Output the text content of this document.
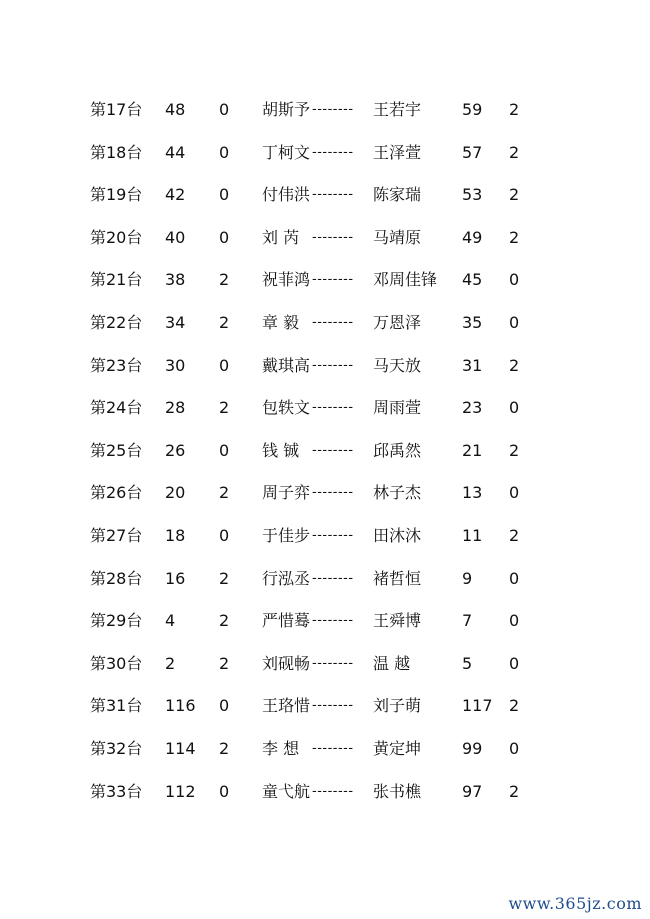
第17台 48 0 胡斯予 -------- 王若宇	59 2
第18台 44 0 丁柯文 -------- 王泽萱	57 2
第19台 42 0 付伟洪 -------- 陈家瑞	53 2
第20台 40 0 刘 芮 -------- 马靖原	49 2
第21台 38 2 祝菲鸿 -------- 邓周佳锋 45 0
第22台 34 2 章 毅 -------- 万恩泽	35 0
第23台 30 0 戴琪高 -------- 马天放	31 2
第24台 28 2 包轶文 -------- 周雨萱	23 0
第25台 26 0 钱 铖 -------- 邱禹然	21 2
第26台 20 2 周子弈 -------- 林子杰	13 0
第27台 18 0 于佳步 -------- 田沐沐	11 2
第28台 16 2 行泓丞 -------- 褚哲恒	9 0
第29台 4	2 严惜蓦 -------- 王舜博	7 0
第30台 2	2 刘砚畅 -------- 温 越	5 0
第31台 116 0 王珞惜 -------- 刘子萌	117 2
第32台 114 2 李 想 -------- 黄定坤	99 0
第33台 112 0 童弋航 -------- 张书樵	97 2
www.365jz.com
